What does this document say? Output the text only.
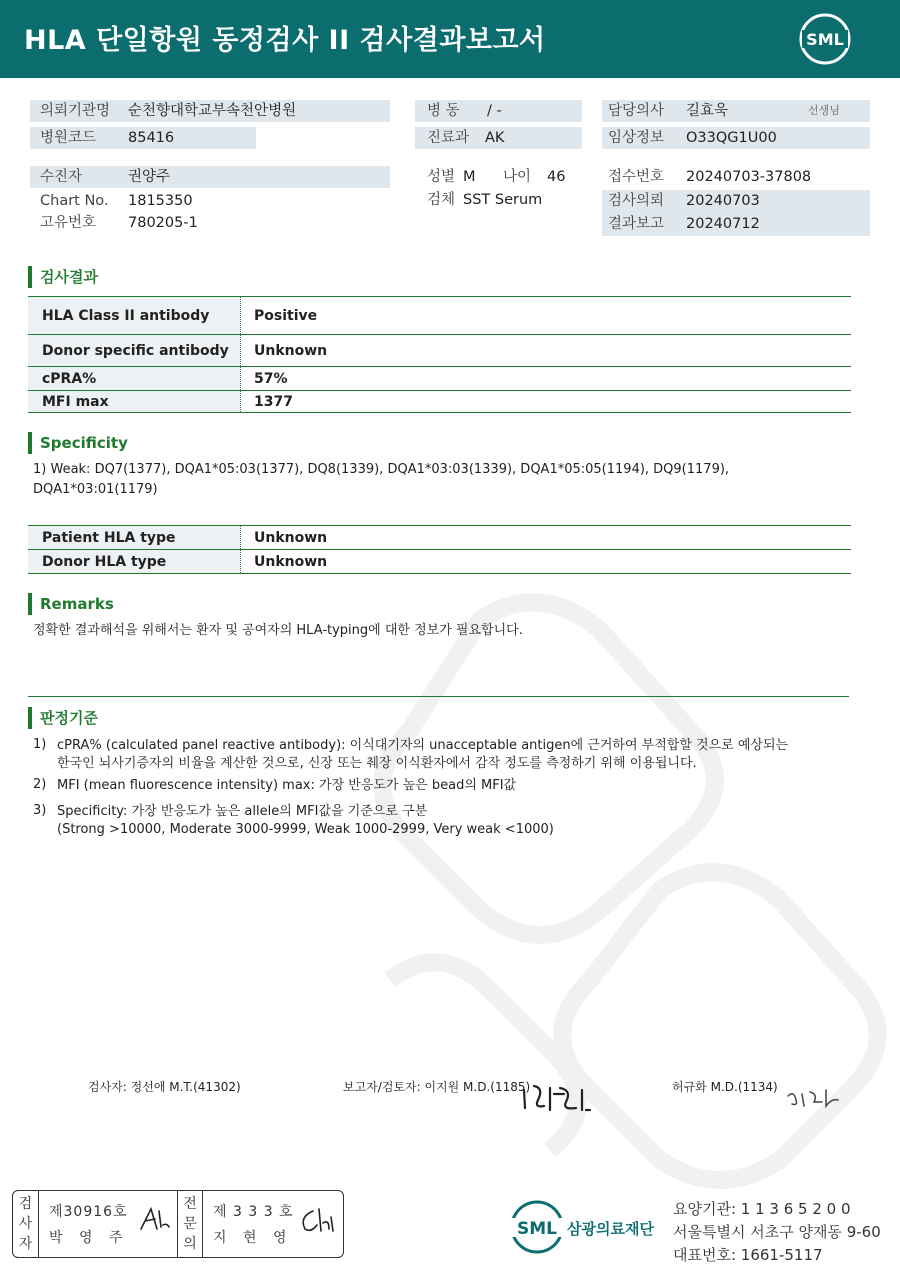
HLA 단일항원 동정검사 II 검사결과보고서	SML
의뢰기관명 순천향대학교부속천안병원
병원코드 85416
수진자	권양주
Chart No. 1815350
고유번호 780205-1
병 동 / -
진료과 AK
성별 M 나이 46
검체 SST Serum
담당의사 길효욱	선생님
임상정보 O33QG1U00
접수번호 20240703-37808
검사의뢰 20240703
결과보고 20240712
검사결과
HLA Class II antibody	Positive
Donor specific antibody	Unknown
cPRA%	57%
MFI max	1377
Specificity
1) Weak: DQ7(1377), DQA1*05:03(1377), DQ8(1339), DQA1*03:03(1339), DQA1*05:05(1194), DQ9(1179),
DQA1*03:01(1179)
Patient HLA type	Unknown
Donor HLA type	Unknown
Remarks
정확한 결과해석을 위해서는 환자 및 공여자의 HLA-typing에 대한 정보가 필요합니다.
판정기준
1) cPRA% (calculated panel reactive antibody): 이식대기자의 unacceptable antigen에 근거하여 부적합할 것으로 예상되는
한국인 뇌사기증자의 비율을 계산한 것으로, 신장 또는 췌장 이식환자에서 감작 정도를 측정하기 위해 이용됩니다.
2) MFI (mean fluorescence intensity) max: 가장 반응도가 높은 bead의 MFI값
3) Specificity: 가장 반응도가 높은 allele의 MFI값을 기준으로 구분
(Strong >10000, Moderate 3000-9999, Weak 1000-2999, Very weak <1000)
검사자: 정선애 M.T.(41302)	보고자/검토자: 이지원 M.D.(1185)	허규화 M.D.(1134)
검
사
자
제30916호
박 영 주
전
문
의
제 3 3 3 호
지 현 영	SML 삼광의료재단
요양기관: 1 1 3 6 5 2 0 0
서울특별시 서초구 양재동 9-60
대표번호: 1661-5117
